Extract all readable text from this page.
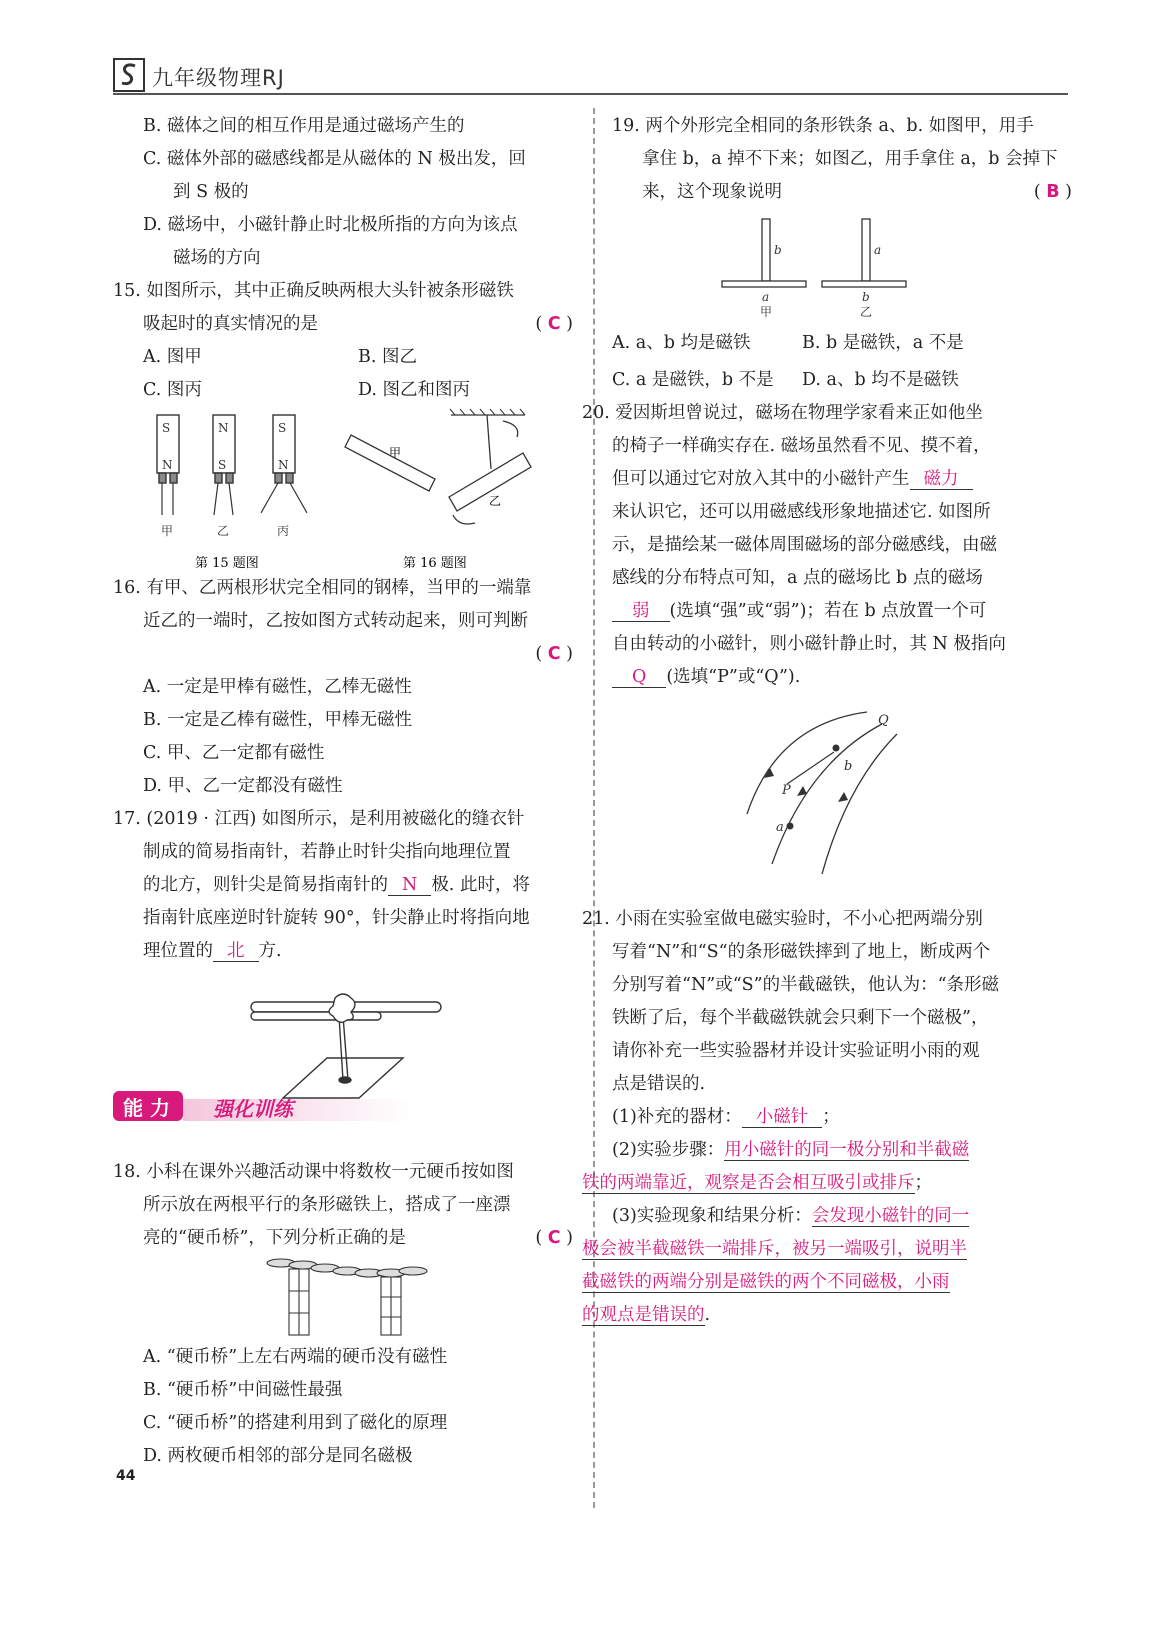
九年级物理RJ
B. 磁体之间的相互作用是通过磁场产生的
C. 磁体外部的磁感线都是从磁体的 N 极出发，回
到 S 极的
D. 磁场中，小磁针静止时北极所指的方向为该点
磁场的方向
15. 如图所示，其中正确反映两根大头针被条形磁铁
吸起时的真实情况的是	( C )
A. 图甲	B. 图乙
C. 图丙	D. 图乙和图丙
S
N
N
S
S
N
甲	乙	丙
第 15 题图
甲
乙
第 16 题图
16. 有甲、乙两根形状完全相同的钢棒，当甲的一端靠
近乙的一端时，乙按如图方式转动起来，则可判断
( C )
A. 一定是甲棒有磁性，乙棒无磁性
B. 一定是乙棒有磁性，甲棒无磁性
C. 甲、乙一定都有磁性
D. 甲、乙一定都没有磁性
17. (2019 · 江西) 如图所示，是利用被磁化的缝衣针
制成的简易指南针，若静止时针尖指向地理位置
的北方，则针尖是简易指南针的 N 极. 此时，将
指南针底座逆时针旋转 90°，针尖静止时将指向地
理位置的 北 方.
18. 小科在课外兴趣活动课中将数枚一元硬币按如图
所示放在两根平行的条形磁铁上，搭成了一座漂
亮的“硬币桥”，下列分析正确的是	( C )
A. “硬币桥”上左右两端的硬币没有磁性
B. “硬币桥”中间磁性最强
C. “硬币桥”的搭建利用到了磁化的原理
D. 两枚硬币相邻的部分是同名磁极
能 力 强化训练
19. 两个外形完全相同的条形铁条 a、b. 如图甲，用手
拿住 b，a 掉不下来；如图乙，用手拿住 a，b 会掉下
来，这个现象说明	( B )
b
a
a
b
甲	乙
A. a、b 均是磁铁	B. b 是磁铁，a 不是
C. a 是磁铁，b 不是	D. a、b 均不是磁铁
20. 爱因斯坦曾说过，磁场在物理学家看来正如他坐
的椅子一样确实存在. 磁场虽然看不见、摸不着，
但可以通过它对放入其中的小磁针产生 磁力
来认识它，还可以用磁感线形象地描述它. 如图所
示，是描绘某一磁体周围磁场的部分磁感线，由磁
感线的分布特点可知，a 点的磁场比 b 点的磁场
弱 (选填“强”或“弱”)；若在 b 点放置一个可
自由转动的小磁针，则小磁针静止时，其 N 极指向
Q (选填“P”或“Q”).
Q
b
P
a
21. 小雨在实验室做电磁实验时，不小心把两端分别
写着“N”和“S“的条形磁铁摔到了地上，断成两个
分别写着“N”或“S”的半截磁铁，他认为：“条形磁
铁断了后，每个半截磁铁就会只剩下一个磁极”，
请你补充一些实验器材并设计实验证明小雨的观
点是错误的.
(1)补充的器材： 小磁针 ；
(2)实验步骤：用小磁针的同一极分别和半截磁
铁的两端靠近，观察是否会相互吸引或排斥；
(3)实验现象和结果分析：会发现小磁针的同一
极会被半截磁铁一端排斥，被另一端吸引，说明半
截磁铁的两端分别是磁铁的两个不同磁极，小雨
的观点是错误的.
44
